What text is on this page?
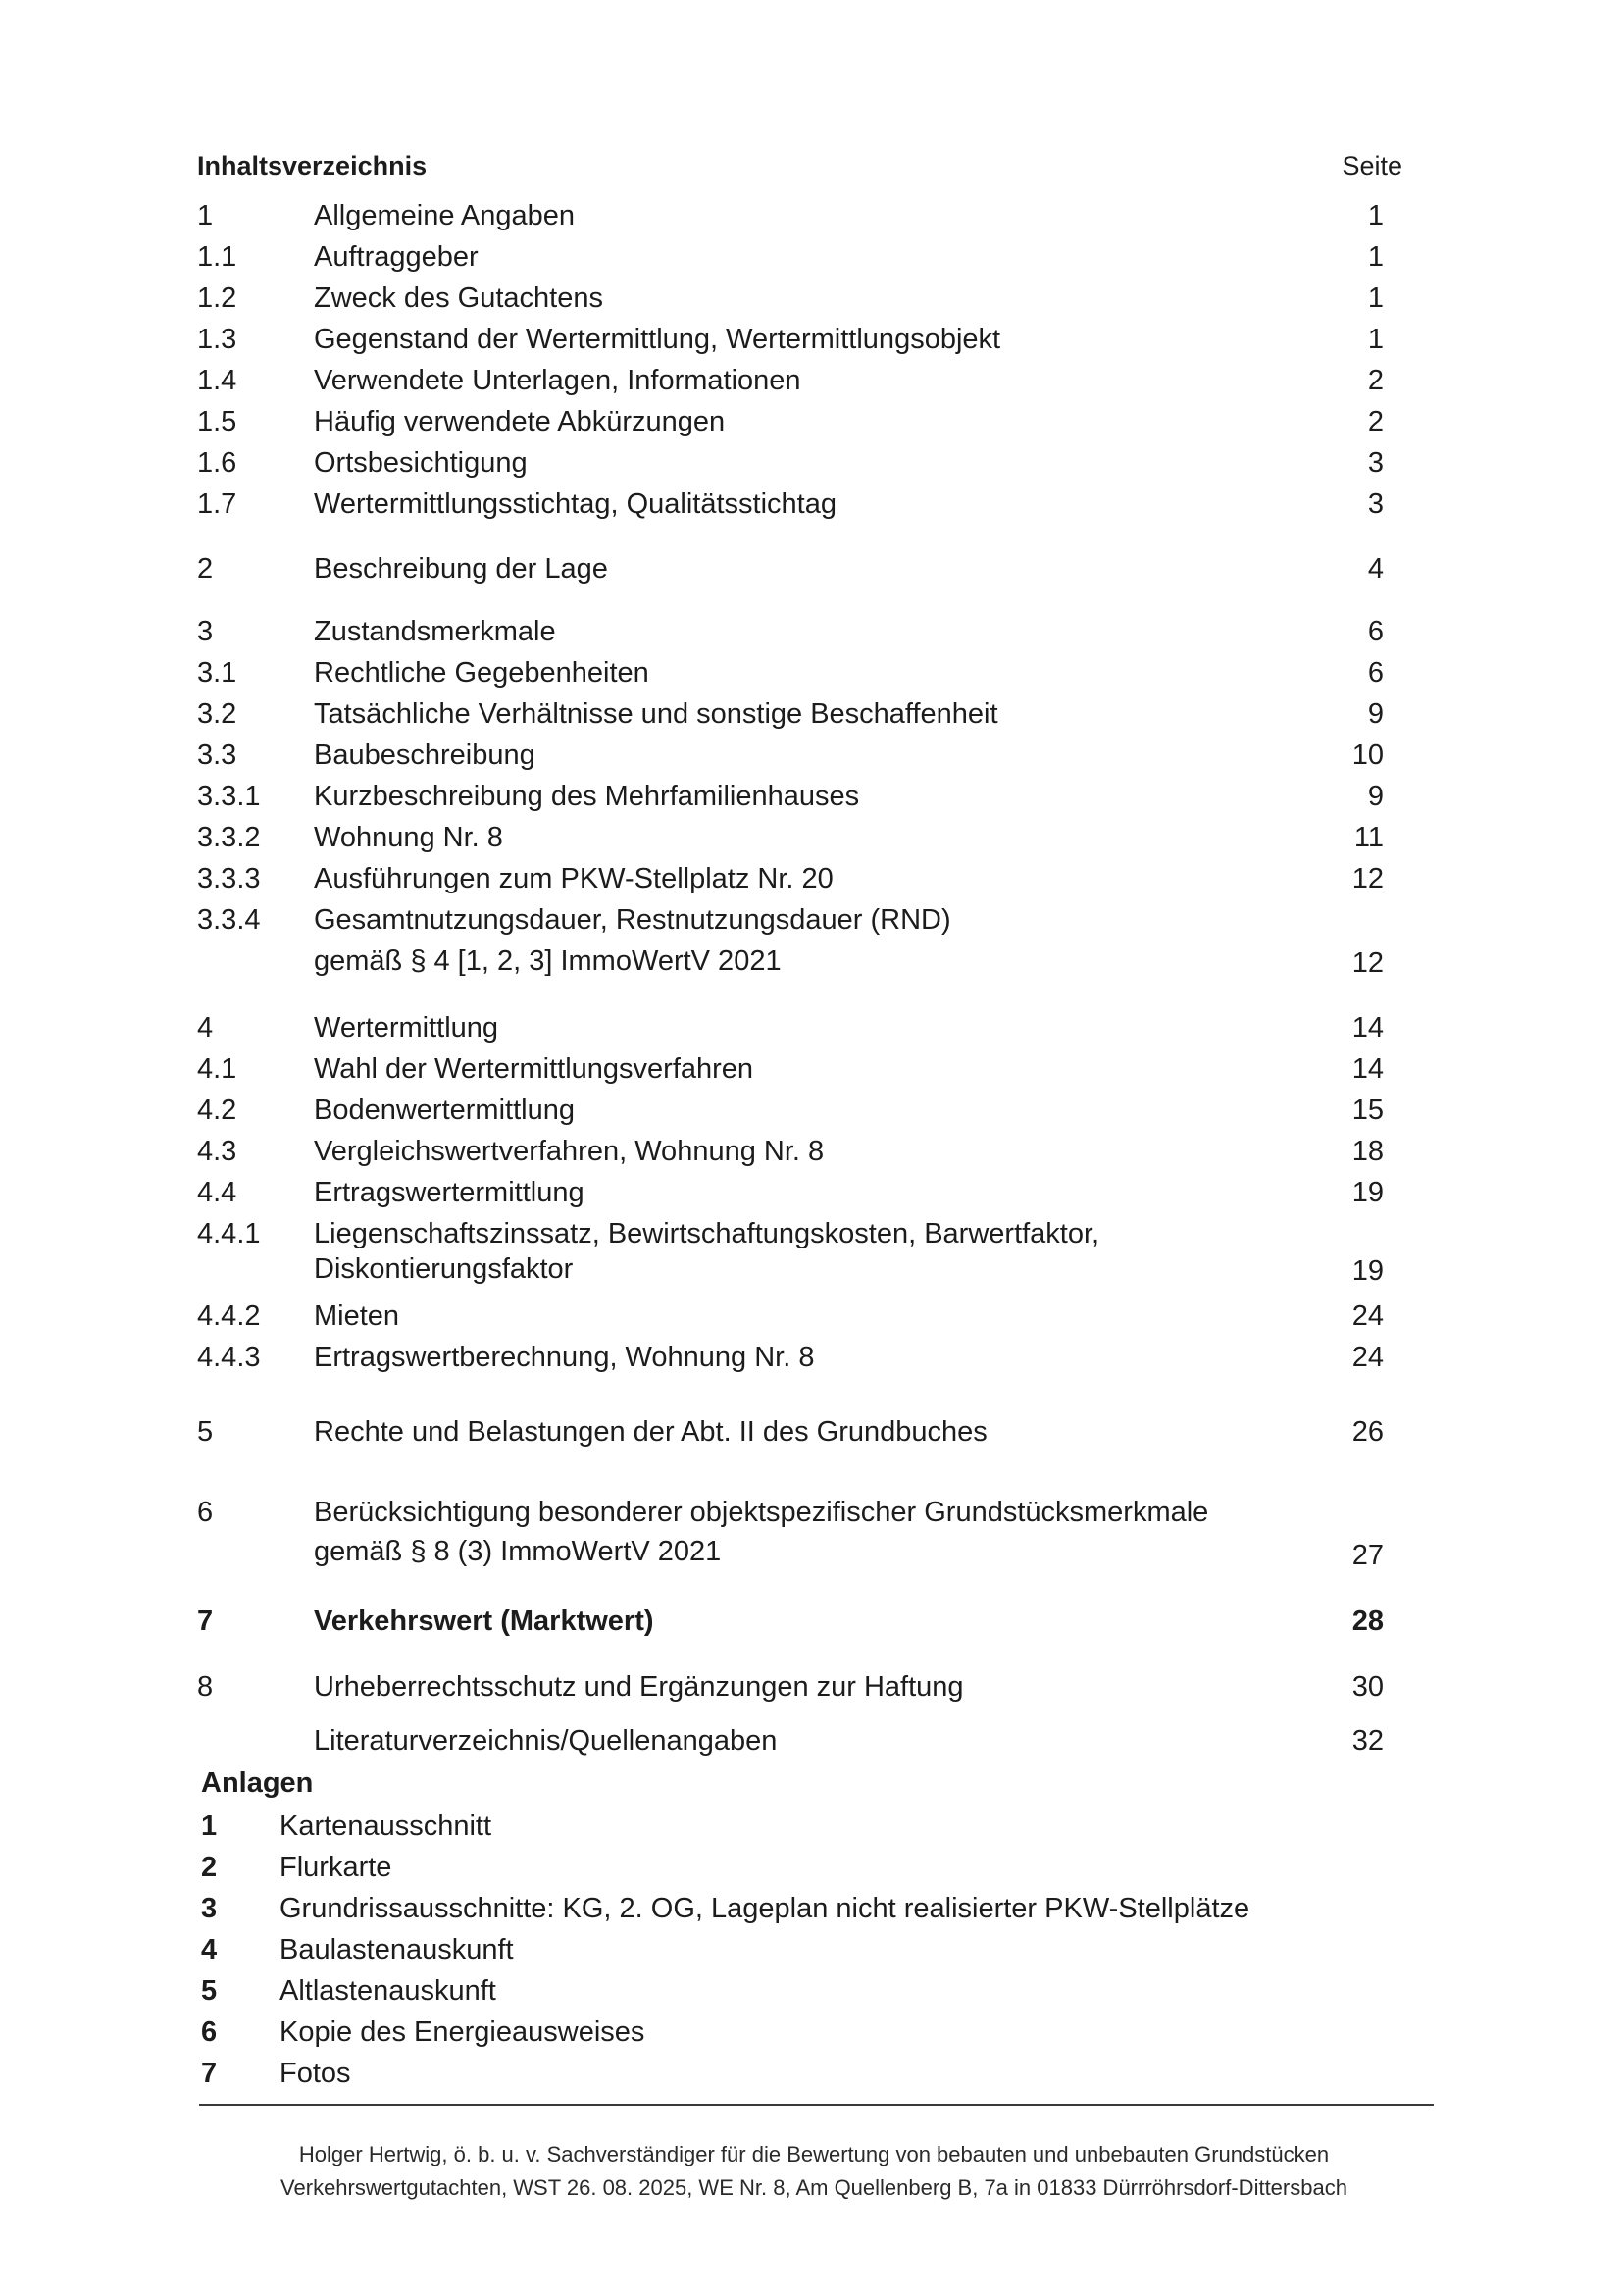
Inhaltsverzeichnis	Seite
1	Allgemeine Angaben	1
1.1	Auftraggeber	1
1.2	Zweck des Gutachtens	1
1.3	Gegenstand der Wertermittlung, Wertermittlungsobjekt	1
1.4	Verwendete Unterlagen, Informationen	2
1.5	Häufig verwendete Abkürzungen	2
1.6	Ortsbesichtigung	3
1.7	Wertermittlungsstichtag, Qualitätsstichtag	3
2	Beschreibung der Lage	4
3	Zustandsmerkmale	6
3.1	Rechtliche Gegebenheiten	6
3.2	Tatsächliche Verhältnisse und sonstige Beschaffenheit	9
3.3	Baubeschreibung	10
3.3.1 Kurzbeschreibung des Mehrfamilienhauses	9
3.3.2 Wohnung Nr. 8	11
3.3.3 Ausführungen zum PKW-Stellplatz Nr. 20	12
3.3.4 Gesamtnutzungsdauer, Restnutzungsdauer (RND)
gemäß § 4 [1, 2, 3] ImmoWertV 2021	12
4	Wertermittlung	14
4.1	Wahl der Wertermittlungsverfahren	14
4.2	Bodenwertermittlung	15
4.3	Vergleichswertverfahren, Wohnung Nr. 8	18
4.4	Ertragswertermittlung	19
4.4.1 Liegenschaftszinssatz, Bewirtschaftungskosten, Barwertfaktor,
Diskontierungsfaktor	19
4.4.2 Mieten	24
4.4.3 Ertragswertberechnung, Wohnung Nr. 8	24
5	Rechte und Belastungen der Abt. II des Grundbuches	26
6	Berücksichtigung besonderer objektspezifischer Grundstücksmerkmale
gemäß § 8 (3) ImmoWertV 2021	27
7	Verkehrswert (Marktwert)	28
8	Urheberrechtsschutz und Ergänzungen zur Haftung	30
Literaturverzeichnis/Quellenangaben	32
Anlagen
1 Kartenausschnitt
2 Flurkarte
3 Grundrissausschnitte: KG, 2. OG, Lageplan nicht realisierter PKW-Stellplätze
4 Baulastenauskunft
5 Altlastenauskunft
6 Kopie des Energieausweises
7 Fotos
Holger Hertwig, ö. b. u. v. Sachverständiger für die Bewertung von bebauten und unbebauten Grundstücken
Verkehrswertgutachten, WST 26. 08. 2025, WE Nr. 8, Am Quellenberg B, 7a in 01833 Dürrröhrsdorf-Dittersbach
